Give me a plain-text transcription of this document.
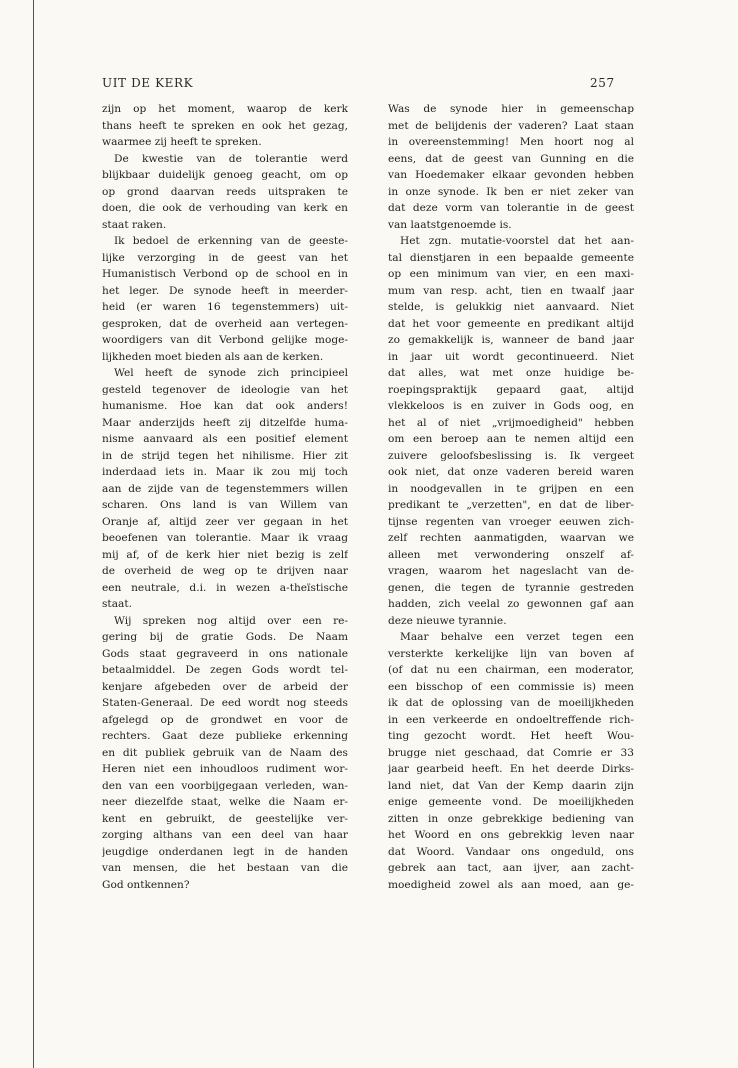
UIT DE KERK	257
zijn op het moment, waarop de kerk
thans heeft te spreken en ook het gezag,
waarmee zij heeft te spreken.
De kwestie van de tolerantie werd
blijkbaar duidelijk genoeg geacht, om op
op grond daarvan reeds uitspraken te
doen, die ook de verhouding van kerk en
staat raken.
Ik bedoel de erkenning van de geeste-
lijke verzorging in de geest van het
Humanistisch Verbond op de school en in
het leger. De synode heeft in meerder-
heid (er waren 16 tegenstemmers) uit-
gesproken, dat de overheid aan vertegen-
woordigers van dit Verbond gelijke moge-
lijkheden moet bieden als aan de kerken.
Wel heeft de synode zich principieel
gesteld tegenover de ideologie van het
humanisme. Hoe kan dat ook anders!
Maar anderzijds heeft zij ditzelfde huma-
nisme aanvaard als een positief element
in de strijd tegen het nihilisme. Hier zit
inderdaad iets in. Maar ik zou mij toch
aan de zijde van de tegenstemmers willen
scharen. Ons land is van Willem van
Oranje af, altijd zeer ver gegaan in het
beoefenen van tolerantie. Maar ik vraag
mij af, of de kerk hier niet bezig is zelf
de overheid de weg op te drijven naar
een neutrale, d.i. in wezen a-theïstische
staat.
Wij spreken nog altijd over een re-
gering bij de gratie Gods. De Naam
Gods staat gegraveerd in ons nationale
betaalmiddel. De zegen Gods wordt tel-
kenjare afgebeden over de arbeid der
Staten-Generaal. De eed wordt nog steeds
afgelegd op de grondwet en voor de
rechters. Gaat deze publieke erkenning
en dit publiek gebruik van de Naam des
Heren niet een inhoudloos rudiment wor-
den van een voorbijgegaan verleden, wan-
neer diezelfde staat, welke die Naam er-
kent en gebruikt, de geestelijke ver-
zorging althans van een deel van haar
jeugdige onderdanen legt in de handen
van mensen, die het bestaan van die
God ontkennen?
Was de synode hier in gemeenschap
met de belijdenis der vaderen? Laat staan
in overeenstemming! Men hoort nog al
eens, dat de geest van Gunning en die
van Hoedemaker elkaar gevonden hebben
in onze synode. Ik ben er niet zeker van
dat deze vorm van tolerantie in de geest
van laatstgenoemde is.
Het zgn. mutatie-voorstel dat het aan-
tal dienstjaren in een bepaalde gemeente
op een minimum van vier, en een maxi-
mum van resp. acht, tien en twaalf jaar
stelde, is gelukkig niet aanvaard. Niet
dat het voor gemeente en predikant altijd
zo gemakkelijk is, wanneer de band jaar
in jaar uit wordt gecontinueerd. Niet
dat alles, wat met onze huidige be-
roepingspraktijk gepaard gaat, altijd
vlekkeloos is en zuiver in Gods oog, en
het al of niet „vrijmoedigheid" hebben
om een beroep aan te nemen altijd een
zuivere geloofsbeslissing is. Ik vergeet
ook niet, dat onze vaderen bereid waren
in noodgevallen in te grijpen en een
predikant te „verzetten", en dat de liber-
tijnse regenten van vroeger eeuwen zich-
zelf rechten aanmatigden, waarvan we
alleen met verwondering onszelf af-
vragen, waarom het nageslacht van de-
genen, die tegen de tyrannie gestreden
hadden, zich veelal zo gewonnen gaf aan
deze nieuwe tyrannie.
Maar behalve een verzet tegen een
versterkte kerkelijke lijn van boven af
(of dat nu een chairman, een moderator,
een bisschop of een commissie is) meen
ik dat de oplossing van de moeilijkheden
in een verkeerde en ondoeltreffende rich-
ting gezocht wordt. Het heeft Wou-
brugge niet geschaad, dat Comrie er 33
jaar gearbeid heeft. En het deerde Dirks-
land niet, dat Van der Kemp daarin zijn
enige gemeente vond. De moeilijkheden
zitten in onze gebrekkige bediening van
het Woord en ons gebrekkig leven naar
dat Woord. Vandaar ons ongeduld, ons
gebrek aan tact, aan ijver, aan zacht-
moedigheid zowel als aan moed, aan ge-
